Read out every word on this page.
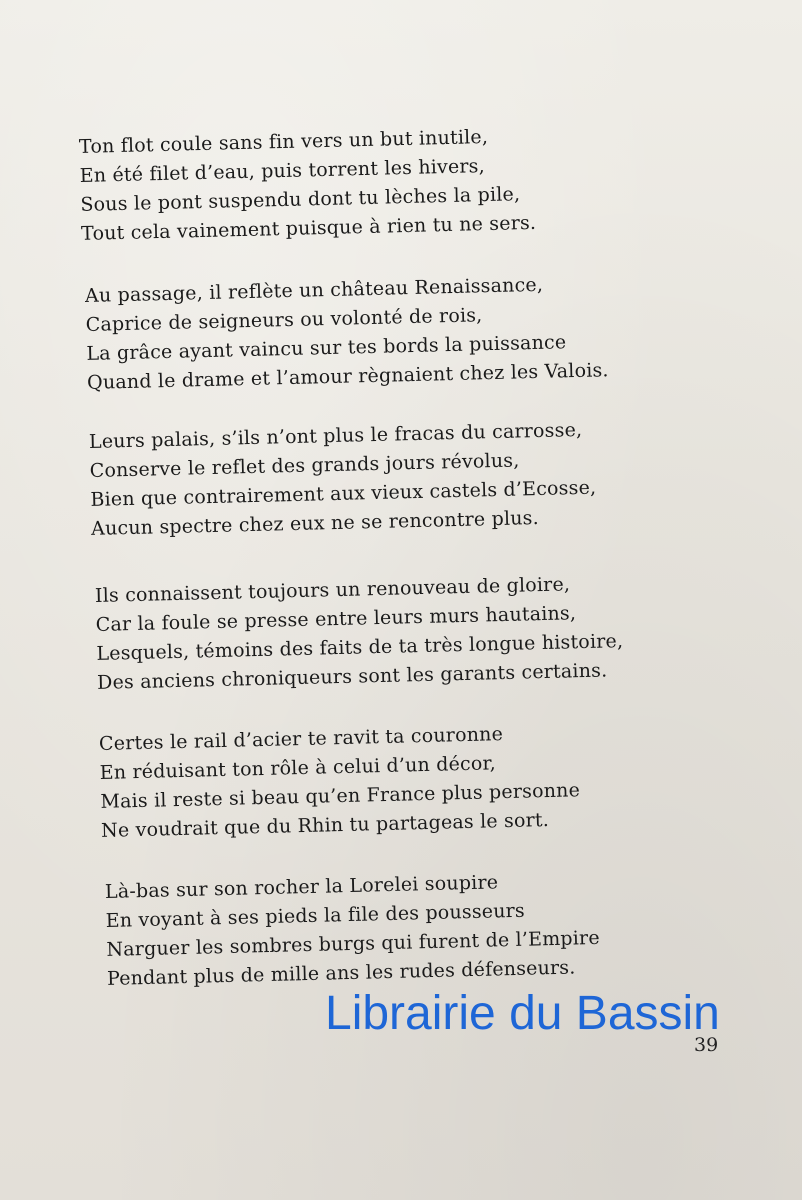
Ton flot coule sans fin vers un but inutile,
En été filet d’eau, puis torrent les hivers,
Sous le pont suspendu dont tu lèches la pile,
Tout cela vainement puisque à rien tu ne sers.
Au passage, il reflète un château Renaissance,
Caprice de seigneurs ou volonté de rois,
La grâce ayant vaincu sur tes bords la puissance
Quand le drame et l’amour règnaient chez les Valois.
Leurs palais, s’ils n’ont plus le fracas du carrosse,
Conserve le reflet des grands jours révolus,
Bien que contrairement aux vieux castels d’Ecosse,
Aucun spectre chez eux ne se rencontre plus.
Ils connaissent toujours un renouveau de gloire,
Car la foule se presse entre leurs murs hautains,
Lesquels, témoins des faits de ta très longue histoire,
Des anciens chroniqueurs sont les garants certains.
Certes le rail d’acier te ravit ta couronne
En réduisant ton rôle à celui d’un décor,
Mais il reste si beau qu’en France plus personne
Ne voudrait que du Rhin tu partageas le sort.
Là-bas sur son rocher la Lorelei soupire
En voyant à ses pieds la file des pousseurs
Narguer les sombres burgs qui furent de l’Empire
Pendant plus de mille ans les rudes défenseurs.
Librairie du Bassin
39
